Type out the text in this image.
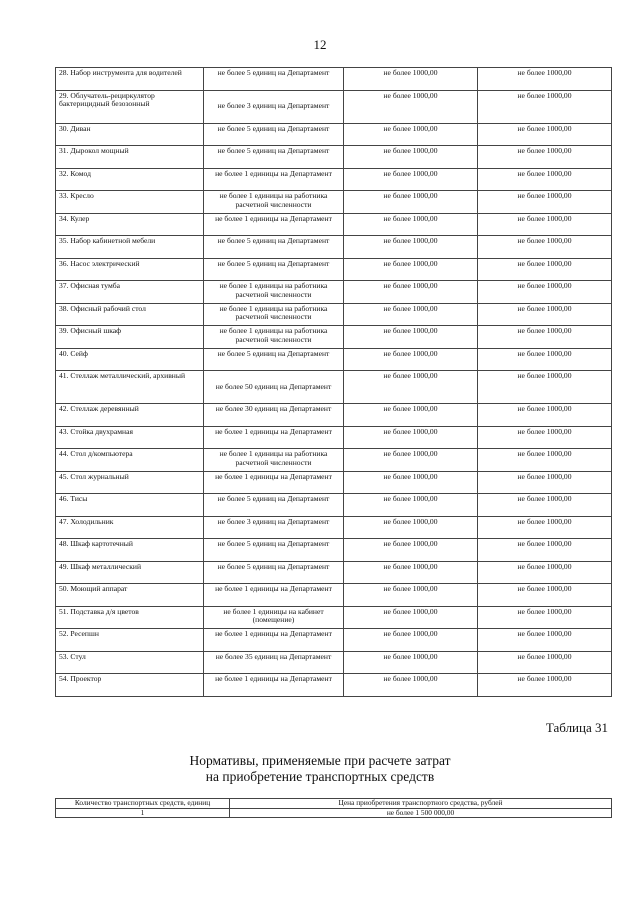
12
28. Набор инструмента для водителей	не более 5 единиц на Департамент	не более 1000,00	не более 1000,00
29. Облучатель-рециркулятор бактерицидный безозонный	не более 3 единиц на Департамент	не более 1000,00	не более 1000,00
30. Диван	не более 5 единиц на Департамент	не более 1000,00	не более 1000,00
31. Дырокол мощный	не более 5 единиц на Департамент	не более 1000,00	не более 1000,00
32. Комод	не более 1 единицы на Департамент	не более 1000,00	не более 1000,00
33. Кресло	не более 1 единицы на работника расчетной численности	не более 1000,00	не более 1000,00
34. Кулер	не более 1 единицы на Департамент	не более 1000,00	не более 1000,00
35. Набор кабинетной мебели	не более 5 единиц на Департамент	не более 1000,00	не более 1000,00
36. Насос электрический	не более 5 единиц на Департамент	не более 1000,00	не более 1000,00
37. Офисная тумба	не более 1 единицы на работника расчетной численности	не более 1000,00	не более 1000,00
38. Офисный рабочий стол	не более 1 единицы на работника расчетной численности	не более 1000,00	не более 1000,00
39. Офисный шкаф	не более 1 единицы на работника расчетной численности	не более 1000,00	не более 1000,00
40. Сейф	не более 5 единиц на Департамент	не более 1000,00	не более 1000,00
41. Стеллаж металлический, архивный	не более 50 единиц на Департамент	не более 1000,00	не более 1000,00
42. Стеллаж деревянный	не более 30 единиц на Департамент	не более 1000,00	не более 1000,00
43. Стойка двухрамная	не более 1 единицы на Департамент	не более 1000,00	не более 1000,00
44. Стол д/компьютера	не более 1 единицы на работника расчетной численности	не более 1000,00	не более 1000,00
45. Стол журнальный	не более 1 единицы на Департамент	не более 1000,00	не более 1000,00
46. Тисы	не более 5 единиц на Департамент	не более 1000,00	не более 1000,00
47. Холодильник	не более 3 единиц на Департамент	не более 1000,00	не более 1000,00
48. Шкаф картотечный	не более 5 единиц на Департамент	не более 1000,00	не более 1000,00
49. Шкаф металлический	не более 5 единиц на Департамент	не более 1000,00	не более 1000,00
50. Моющий аппарат	не более 1 единицы на Департамент	не более 1000,00	не более 1000,00
51. Подставка д/я цветов	не более 1 единицы на кабинет (помещение)	не более 1000,00	не более 1000,00
52. Ресепшн	не более 1 единицы на Департамент	не более 1000,00	не более 1000,00
53. Стул	не более 35 единиц на Департамент	не более 1000,00	не более 1000,00
54. Проектор	не более 1 единицы на Департамент	не более 1000,00	не более 1000,00
Таблица 31
Нормативы, применяемые при расчете затрат
на приобретение транспортных средств
Количество транспортных средств, единиц	Цена приобретения транспортного средства, рублей
1	не более 1 500 000,00
